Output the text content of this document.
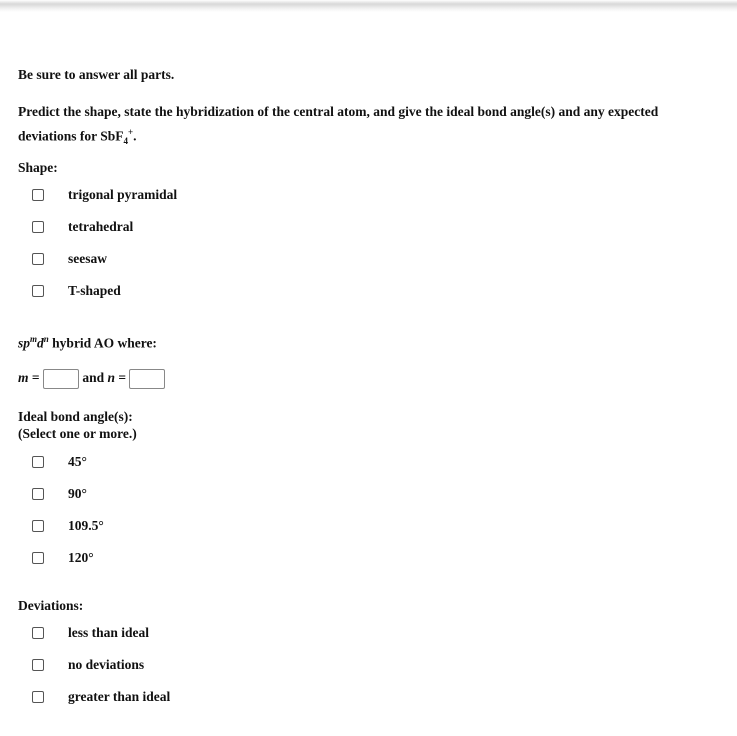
Be sure to answer all parts.
Predict the shape, state the hybridization of the central atom, and give the ideal bond angle(s) and any expected deviations for SbF$_4$+.
Shape:
trigonal pyramidal
tetrahedral
seesaw
T-shaped
$sp^md^n$ hybrid AO where:
m =	and n =
Ideal bond angle(s):
(Select one or more.)
45°
90°
109.5°
120°
Deviations:
less than ideal
no deviations
greater than ideal
